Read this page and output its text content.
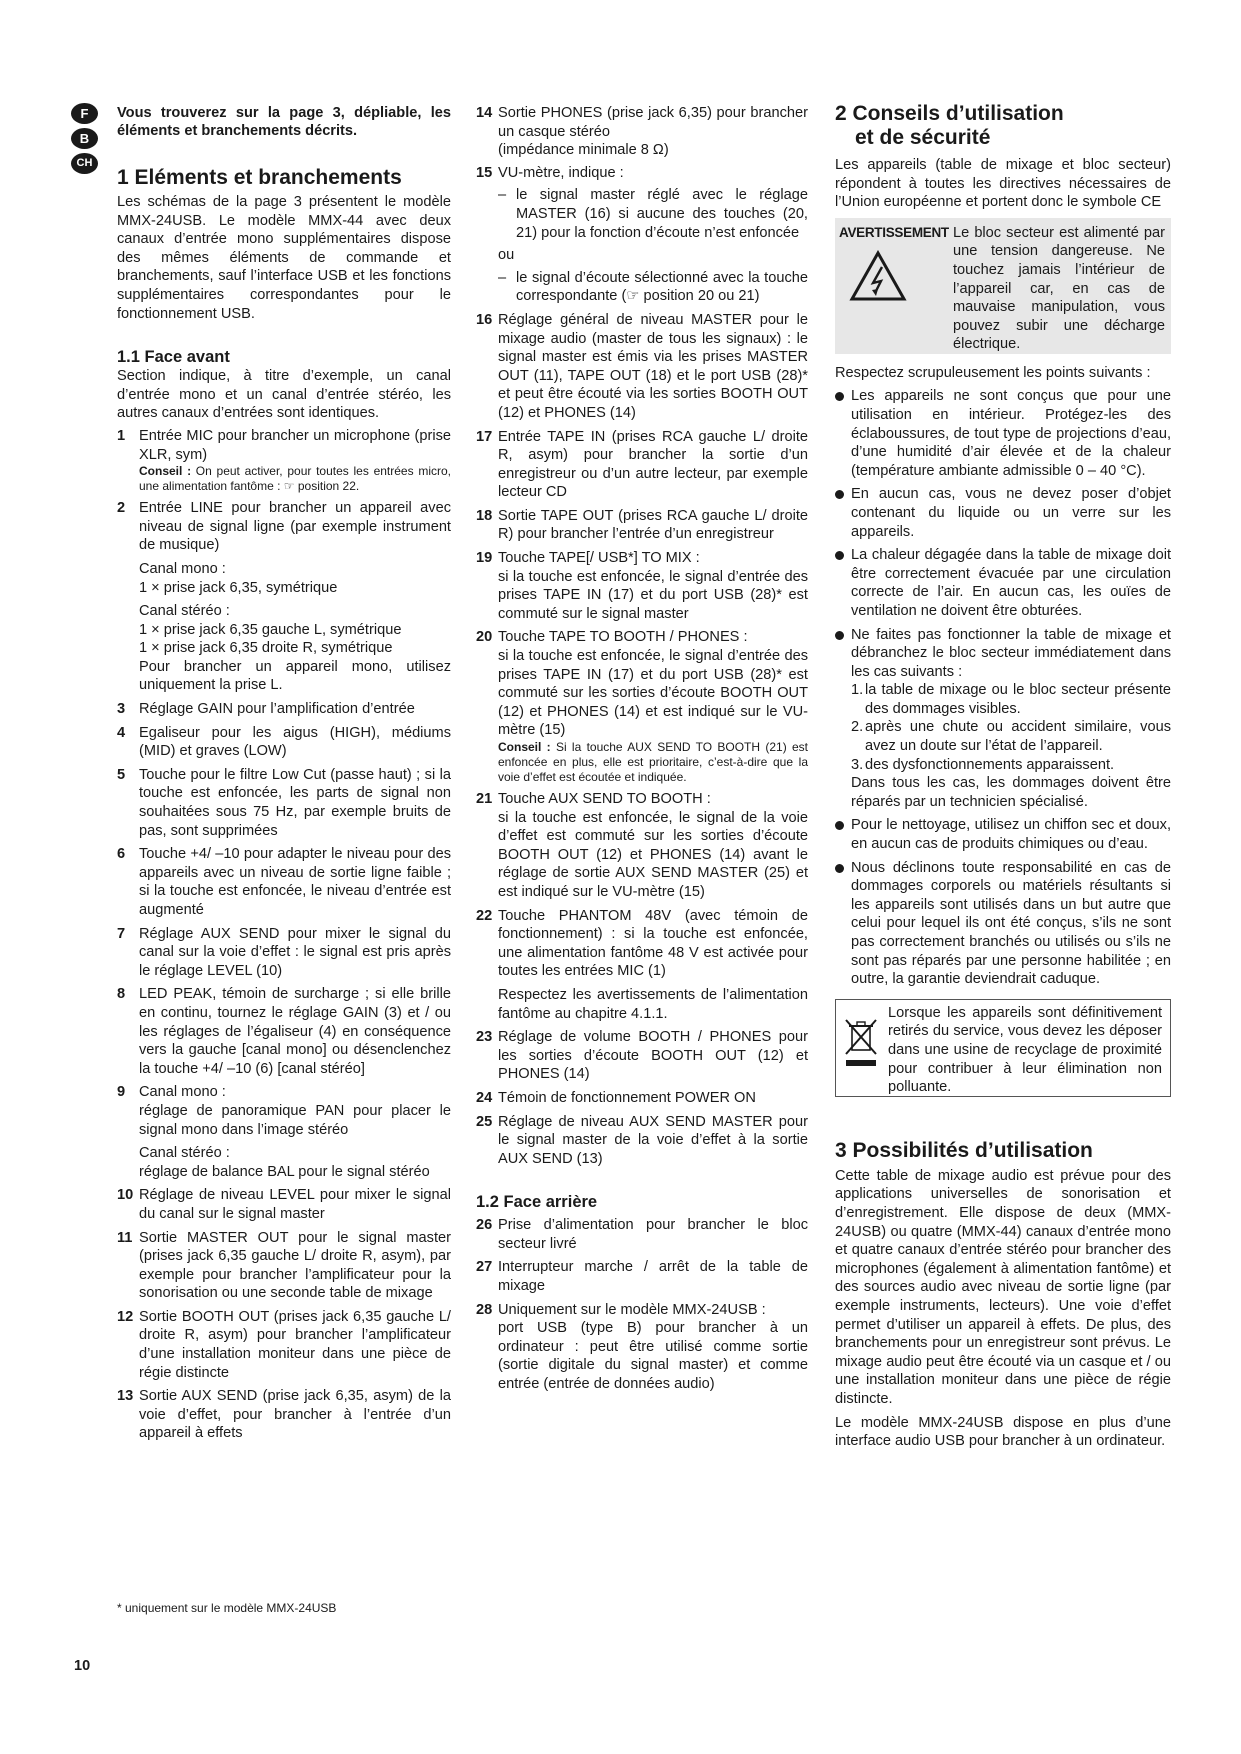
F
B
CH

Vous trouverez sur la page 3, dépliable, les éléments et branchements décrits.

1 Eléments et branchements

Les schémas de la page 3 présentent le modèle MMX-24USB. Le modèle MMX-44 avec deux canaux d’entrée mono supplémentaires dispose des mêmes éléments de commande et branchements, sauf l’interface USB et les fonctions supplémentaires correspondantes pour le fonctionnement USB.

1.1 Face avant

Section indique, à titre d’exemple, un canal d’entrée mono et un canal d’entrée stéréo, les autres canaux d’entrées sont identiques.

1 Entrée MIC pour brancher un microphone (prise XLR, sym)
Conseil : On peut activer, pour toutes les entrées micro, une alimentation fantôme : ☞ position 22.
2 Entrée LINE pour brancher un appareil avec niveau de signal ligne (par exemple instrument de musique)

Canal mono :

1 × prise jack 6,35, symétrique

Canal stéréo :

1 × prise jack 6,35 gauche L, symétrique

1 × prise jack 6,35 droite R, symétrique

Pour brancher un appareil mono, utilisez uniquement la prise L.

3 Réglage GAIN pour l’amplification d’entrée
4 Egaliseur pour les aigus (HIGH), médiums (MID) et graves (LOW)
5 Touche pour le filtre Low Cut (passe haut) ; si la touche est enfoncée, les parts de signal non souhaitées sous 75 Hz, par exemple bruits de pas, sont supprimées
6 Touche +4/ –10 pour adapter le niveau pour des appareils avec un niveau de sortie ligne faible ; si la touche est enfoncée, le niveau d’entrée est augmenté
7 Réglage AUX SEND pour mixer le signal du canal sur la voie d’effet : le signal est pris après le réglage LEVEL (10)
8 LED PEAK, témoin de surcharge ; si elle brille en continu, tournez le réglage GAIN (3) et / ou les réglages de l’égaliseur (4) en conséquence vers la gauche [canal mono] ou désenclenchez la touche +4/ –10 (6) [canal stéréo]
9 Canal mono :

réglage de panoramique PAN pour placer le signal mono dans l’image stéréo

Canal stéréo :

réglage de balance BAL pour le signal stéréo

10 Réglage de niveau LEVEL pour mixer le signal du canal sur le signal master
11 Sortie MASTER OUT pour le signal master (prises jack 6,35 gauche L/ droite R, asym), par exemple pour brancher l’amplificateur pour la sonorisation ou une seconde table de mixage
12 Sortie BOOTH OUT (prises jack 6,35 gauche L/ droite R, asym) pour brancher l’amplificateur d’une installation moniteur dans une pièce de régie distincte
13 Sortie AUX SEND (prise jack 6,35, asym) de la voie d’effet, pour brancher à l’entrée d’un appareil à effets
14 Sortie PHONES (prise jack 6,35) pour brancher un casque stéréo

(impédance minimale 8 Ω)

15 VU-mètre, indique :
– le signal master réglé avec le réglage MASTER (16) si aucune des touches (20, 21) pour la fonction d’écoute n’est enfoncée

ou

– le signal d’écoute sélectionné avec la touche correspondante (☞ position 20 ou 21)
16 Réglage général de niveau MASTER pour le mixage audio (master de tous les signaux) : le signal master est émis via les prises MASTER OUT (11), TAPE OUT (18) et le port USB (28)* et peut être écouté via les sorties BOOTH OUT (12) et PHONES (14)
17 Entrée TAPE IN (prises RCA gauche L/ droite R, asym) pour brancher la sortie d’un enregistreur ou d’un autre lecteur, par exemple lecteur CD
18 Sortie TAPE OUT (prises RCA gauche L/ droite R) pour brancher l’entrée d’un enregistreur
19 Touche TAPE[/ USB*] TO MIX :

si la touche est enfoncée, le signal d’entrée des prises TAPE IN (17) et du port USB (28)* est commuté sur le signal master

20 Touche TAPE TO BOOTH / PHONES :

si la touche est enfoncée, le signal d’entrée des prises TAPE IN (17) et du port USB (28)* est commuté sur les sorties d’écoute BOOTH OUT (12) et PHONES (14) et est indiqué sur le VU-mètre (15)

Conseil : Si la touche AUX SEND TO BOOTH (21) est enfoncée en plus, elle est prioritaire, c’est-à-dire que la voie d’effet est écoutée et indiquée.
21 Touche AUX SEND TO BOOTH :

si la touche est enfoncée, le signal de la voie d’effet est commuté sur les sorties d’écoute BOOTH OUT (12) et PHONES (14) avant le réglage de sortie AUX SEND MASTER (25) et est indiqué sur le VU-mètre (15)

22 Touche PHANTOM 48V (avec témoin de fonctionnement) : si la touche est enfoncée, une alimentation fantôme 48 V est activée pour toutes les entrées MIC (1)

Respectez les avertissements de l’alimentation fantôme au chapitre 4.1.1.

23 Réglage de volume BOOTH / PHONES pour les sorties d’écoute BOOTH OUT (12) et PHONES (14)
24 Témoin de fonctionnement POWER ON
25 Réglage de niveau AUX SEND MASTER pour le signal master de la voie d’effet à la sortie AUX SEND (13)
1.2 Face arrière
26 Prise d’alimentation pour brancher le bloc secteur livré
27 Interrupteur marche / arrêt de la table de mixage
28 Uniquement sur le modèle MMX-24USB :

port USB (type B) pour brancher à un ordinateur : peut être utilisé comme sortie (sortie digitale du signal master) et comme entrée (entrée de données audio)

2 Conseils d’utilisation
et de sécurité

Les appareils (table de mixage et bloc secteur) répondent à toutes les directives nécessaires de l’Union européenne et portent donc le symbole CE

AVERTISSEMENT Le bloc secteur est alimenté par une tension dangereuse. Ne touchez jamais l’intérieur de l’appareil car, en cas de mauvaise manipulation, vous pouvez subir une décharge électrique.

Respectez scrupuleusement les points suivants :

Les appareils ne sont conçus que pour une utilisation en intérieur. Protégez-les des éclaboussures, de tout type de projections d’eau, d’une humidité d’air élevée et de la chaleur (température ambiante admissible 0 – 40 °C).
En aucun cas, vous ne devez poser d’objet contenant du liquide ou un verre sur les appareils.
La chaleur dégagée dans la table de mixage doit être correctement évacuée par une circulation correcte de l’air. En aucun cas, les ouïes de ventilation ne doivent être obturées.
Ne faites pas fonctionner la table de mixage et débranchez le bloc secteur immédiatement dans les cas suivants :
1. la table de mixage ou le bloc secteur présente des dommages visibles.
2. après une chute ou accident similaire, vous avez un doute sur l’état de l’appareil.
3. des dysfonctionnements apparaissent.

Dans tous les cas, les dommages doivent être réparés par un technicien spécialisé.

Pour le nettoyage, utilisez un chiffon sec et doux, en aucun cas de produits chimiques ou d’eau.
Nous déclinons toute responsabilité en cas de dommages corporels ou matériels résultants si les appareils sont utilisés dans un but autre que celui pour lequel ils ont été conçus, s’ils ne sont pas correctement branchés ou utilisés ou s’ils ne sont pas réparés par une personne habilitée ; en outre, la garantie deviendrait caduque.

Lorsque les appareils sont définitivement retirés du service, vous devez les déposer dans une usine de recyclage de proximité pour contribuer à leur élimination non polluante.

3 Possibilités d’utilisation

Cette table de mixage audio est prévue pour des applications universelles de sonorisation et d’enregistrement. Elle dispose de deux (MMX-24USB) ou quatre (MMX-44) canaux d’entrée mono et quatre canaux d’entrée stéréo pour brancher des microphones (également à alimentation fantôme) et des sources audio avec niveau de sortie ligne (par exemple instruments, lecteurs). Une voie d’effet permet d’utiliser un appareil à effets. De plus, des branchements pour un enregistreur sont prévus. Le mixage audio peut être écouté via un casque et / ou une installation moniteur dans une pièce de régie distincte.

Le modèle MMX-24USB dispose en plus d’une interface audio USB pour brancher à un ordinateur.

* uniquement sur le modèle MMX-24USB
10
